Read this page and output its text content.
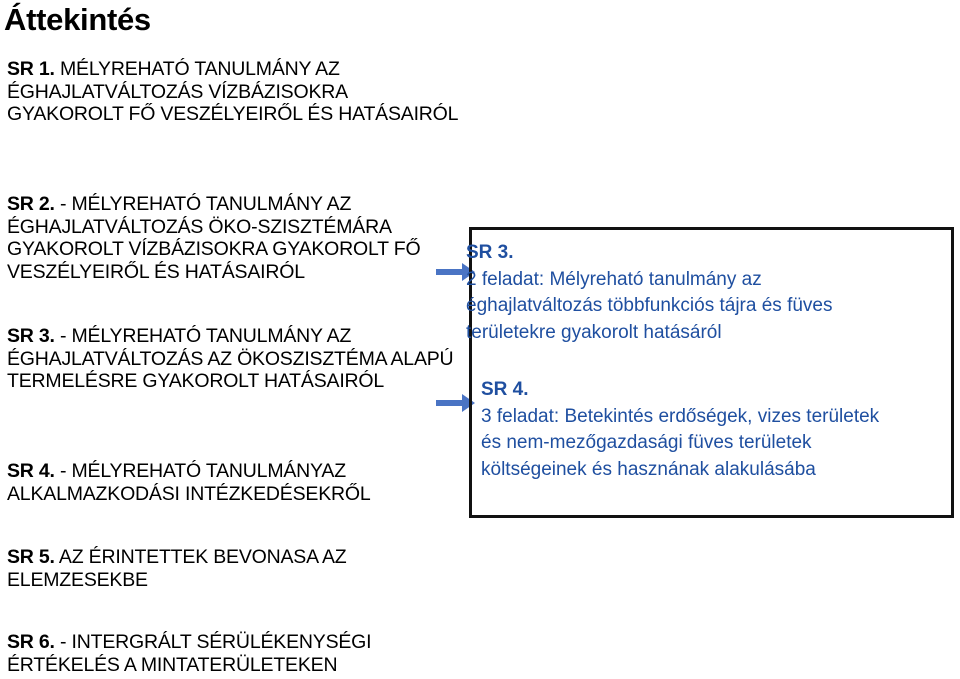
Áttekintés
SR 1. MÉLYREHATÓ TANULMÁNY AZ
ÉGHAJLATVÁLTOZÁS VÍZBÁZISOKRA
GYAKOROLT FŐ VESZÉLYEIRŐL ÉS HATÁSAIRÓL
SR 2. - MÉLYREHATÓ TANULMÁNY AZ
ÉGHAJLATVÁLTOZÁS ÖKO-SZISZTÉMÁRA
GYAKOROLT VÍZBÁZISOKRA GYAKOROLT FŐ
VESZÉLYEIRŐL ÉS HATÁSAIRÓL
SR 3. - MÉLYREHATÓ TANULMÁNY AZ
ÉGHAJLATVÁLTOZÁS AZ ÖKOSZISZTÉMA ALAPÚ
TERMELÉSRE GYAKOROLT HATÁSAIRÓL
SR 4. - MÉLYREHATÓ TANULMÁNYAZ
ALKALMAZKODÁSI INTÉZKEDÉSEKRŐL
SR 5. AZ ÉRINTETTEK BEVONASA AZ
ELEMZESEKBE
SR 6. - INTERGRÁLT SÉRÜLÉKENYSÉGI
ÉRTÉKELÉS A MINTATERÜLETEKEN
SR 3.
2 feladat: Mélyreható tanulmány az
éghajlatváltozás többfunkciós tájra és füves
területekre gyakorolt hatásáról
SR 4.
3 feladat: Betekintés erdőségek, vizes területek
és nem-mezőgazdasági füves területek
költségeinek és hasznának alakulásába
